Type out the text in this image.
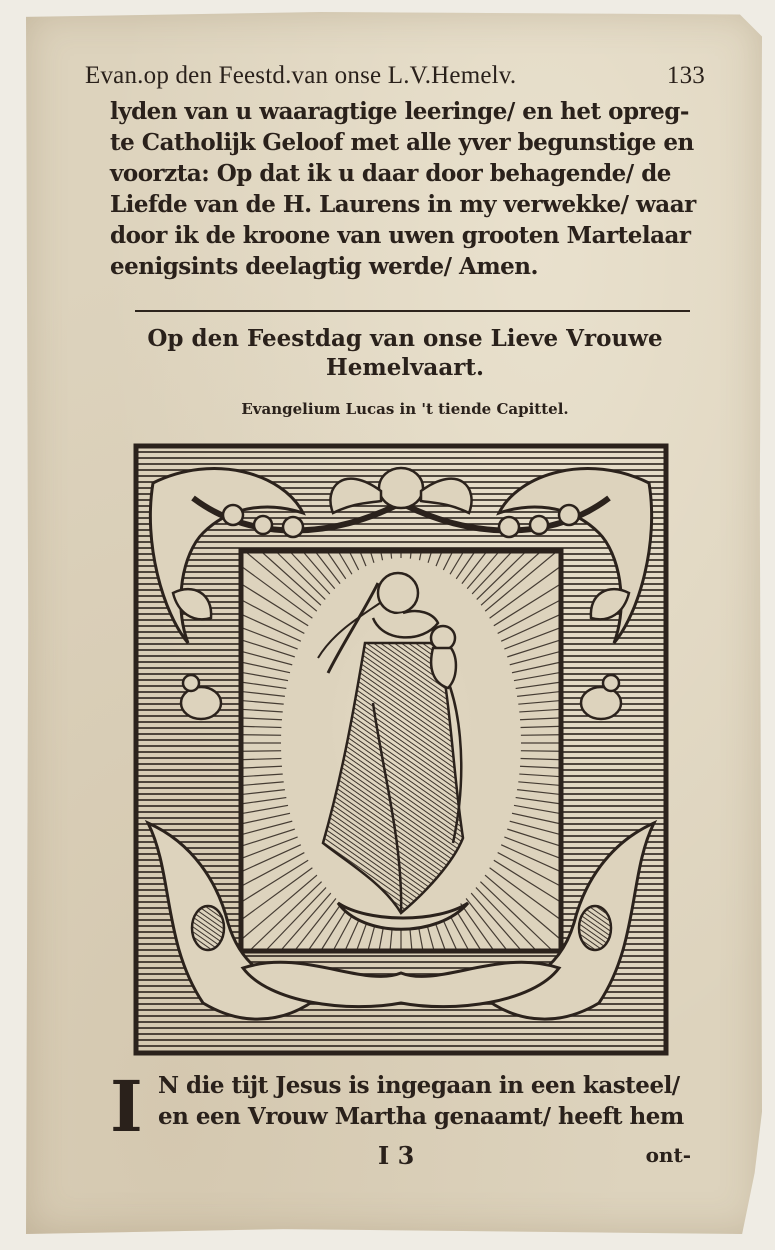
Evan.op den Feestd.van onse L.V.Hemelv.	133
lyden van u waaragtige leeringe/ en het opreg-
te Catholijk Geloof met alle yver begunstige en
voorzta: Op dat ik u daar door behagende/ de
Liefde van de H. Laurens in my verwekke/ waar
door ik de kroone van uwen grooten Martelaar
eenigsints deelagtig werde/ Amen.
Op den Feestdag van onse Lieve Vrouwe
Hemelvaart.
Evangelium Lucas in 't tiende Capittel.
I N die tijt Jesus is ingegaan in een kasteel/
en een Vrouw Martha genaamt/ heeft hem
I 3	ont-
